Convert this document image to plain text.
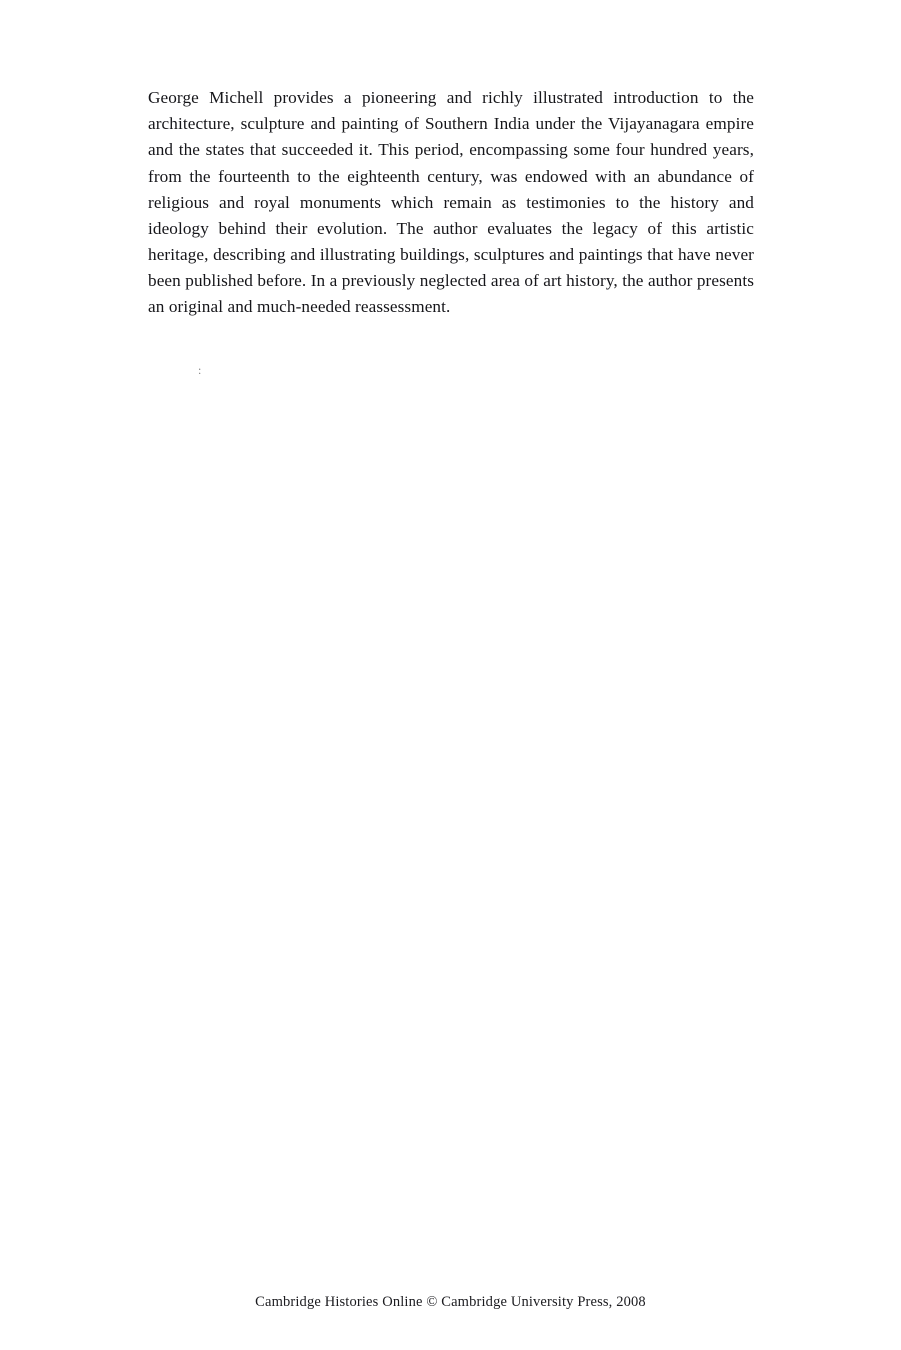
George Michell provides a pioneering and richly illustrated introduction to the architecture, sculpture and painting of Southern India under the Vijayanagara empire and the states that succeeded it. This period, encompassing some four hundred years, from the fourteenth to the eighteenth century, was endowed with an abundance of religious and royal monuments which remain as testimonies to the history and ideology behind their evolution. The author evaluates the legacy of this artistic heritage, describing and illustrating buildings, sculptures and paintings that have never been published before. In a previously neglected area of art history, the author presents an original and much-needed reassessment.

:
Cambridge Histories Online © Cambridge University Press, 2008
